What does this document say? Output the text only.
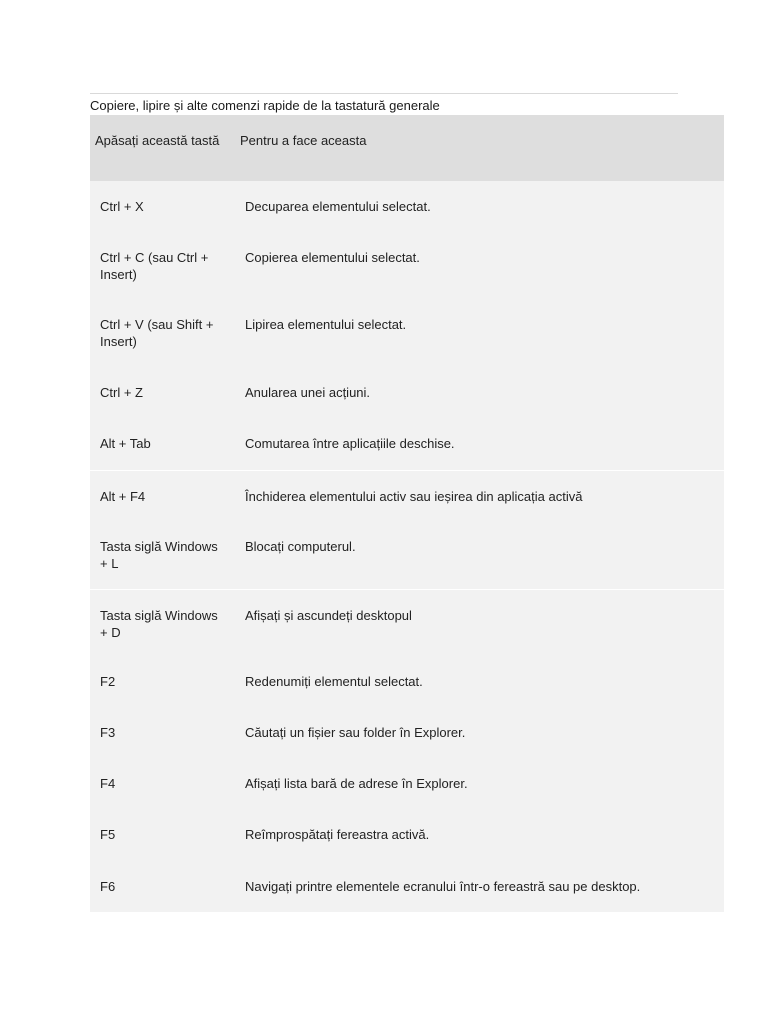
Copiere, lipire și alte comenzi rapide de la tastatură generale
Apăsați această tastă	Pentru a face aceasta
Ctrl + X	Decuparea elementului selectat.
Ctrl + C (sau Ctrl + Insert)	Copierea elementului selectat.
Ctrl + V (sau Shift + Insert)	Lipirea elementului selectat.
Ctrl + Z	Anularea unei acțiuni.
Alt + Tab	Comutarea între aplicațiile deschise.
Alt + F4	Închiderea elementului activ sau ieșirea din aplicația activă
Tasta siglă Windows + L	Blocați computerul.
Tasta siglă Windows + D	Afișați și ascundeți desktopul
F2	Redenumiți elementul selectat.
F3	Căutați un fișier sau folder în Explorer.
F4	Afișați lista bară de adrese în Explorer.
F5	Reîmprospătați fereastra activă.
F6	Navigați printre elementele ecranului într-o fereastră sau pe desktop.
